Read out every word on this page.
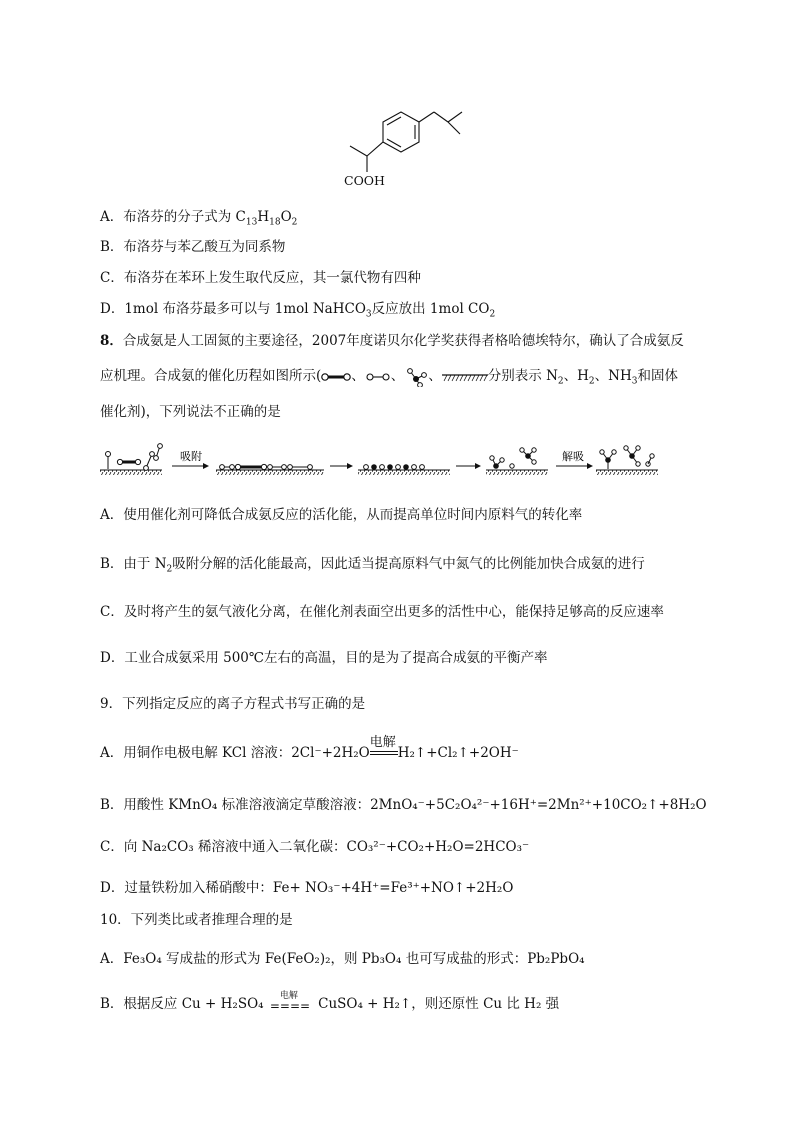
COOH
A．布洛芬的分子式为 $C_{13}H_{18}O_2$
B．布洛芬与苯乙酸互为同系物
C．布洛芬在苯环上发生取代反应，其一氯代物有四种
D．1mol 布洛芬最多可以与 1mol NaHCO$_3$反应放出 1mol $CO_2$
8．合成氨是人工固氮的主要途径，2007年度诺贝尔化学奖获得者格哈德埃特尔，确认了合成氨反
应机理。合成氨的催化历程如图所示( 、 、 、	分别表示 $N_2$、$H_2$、$NH_3$和固体
催化剂)，下列说法不正确的是
吸附	解吸
A．使用催化剂可降低合成氨反应的活化能，从而提高单位时间内原料气的转化率
B．由于 $N_2$吸附分解的活化能最高，因此适当提高原料气中氮气的比例能加快合成氨的进行
C．及时将产生的氨气液化分离，在催化剂表面空出更多的活性中心，能保持足够高的反应速率
D．工业合成氨采用 500℃左右的高温，目的是为了提高合成氨的平衡产率
9．下列指定反应的离子方程式书写正确的是
A．用铜作电极电解 KCl 溶液：2Cl⁻+2H₂O
电解
H₂↑+Cl₂↑+2OH⁻
B．用酸性 KMnO₄ 标准溶液滴定草酸溶液：2MnO₄⁻+5C₂O₄²⁻+16H⁺=2Mn²⁺+10CO₂↑+8H₂O
C．向 Na₂CO₃ 稀溶液中通入二氧化碳：CO₃²⁻+CO₂+H₂O=2HCO₃⁻
D．过量铁粉加入稀硝酸中：Fe+ NO₃⁻+4H⁺=Fe³⁺+NO↑+2H₂O
10．下列类比或者推理合理的是
A．Fe₃O₄ 写成盐的形式为 Fe(FeO₂)₂，则 Pb₃O₄ 也可写成盐的形式：Pb₂PbO₄
B．根据反应 Cu + H₂SO₄
电解
==== CuSO₄ + H₂↑，则还原性 Cu 比 H₂ 强
